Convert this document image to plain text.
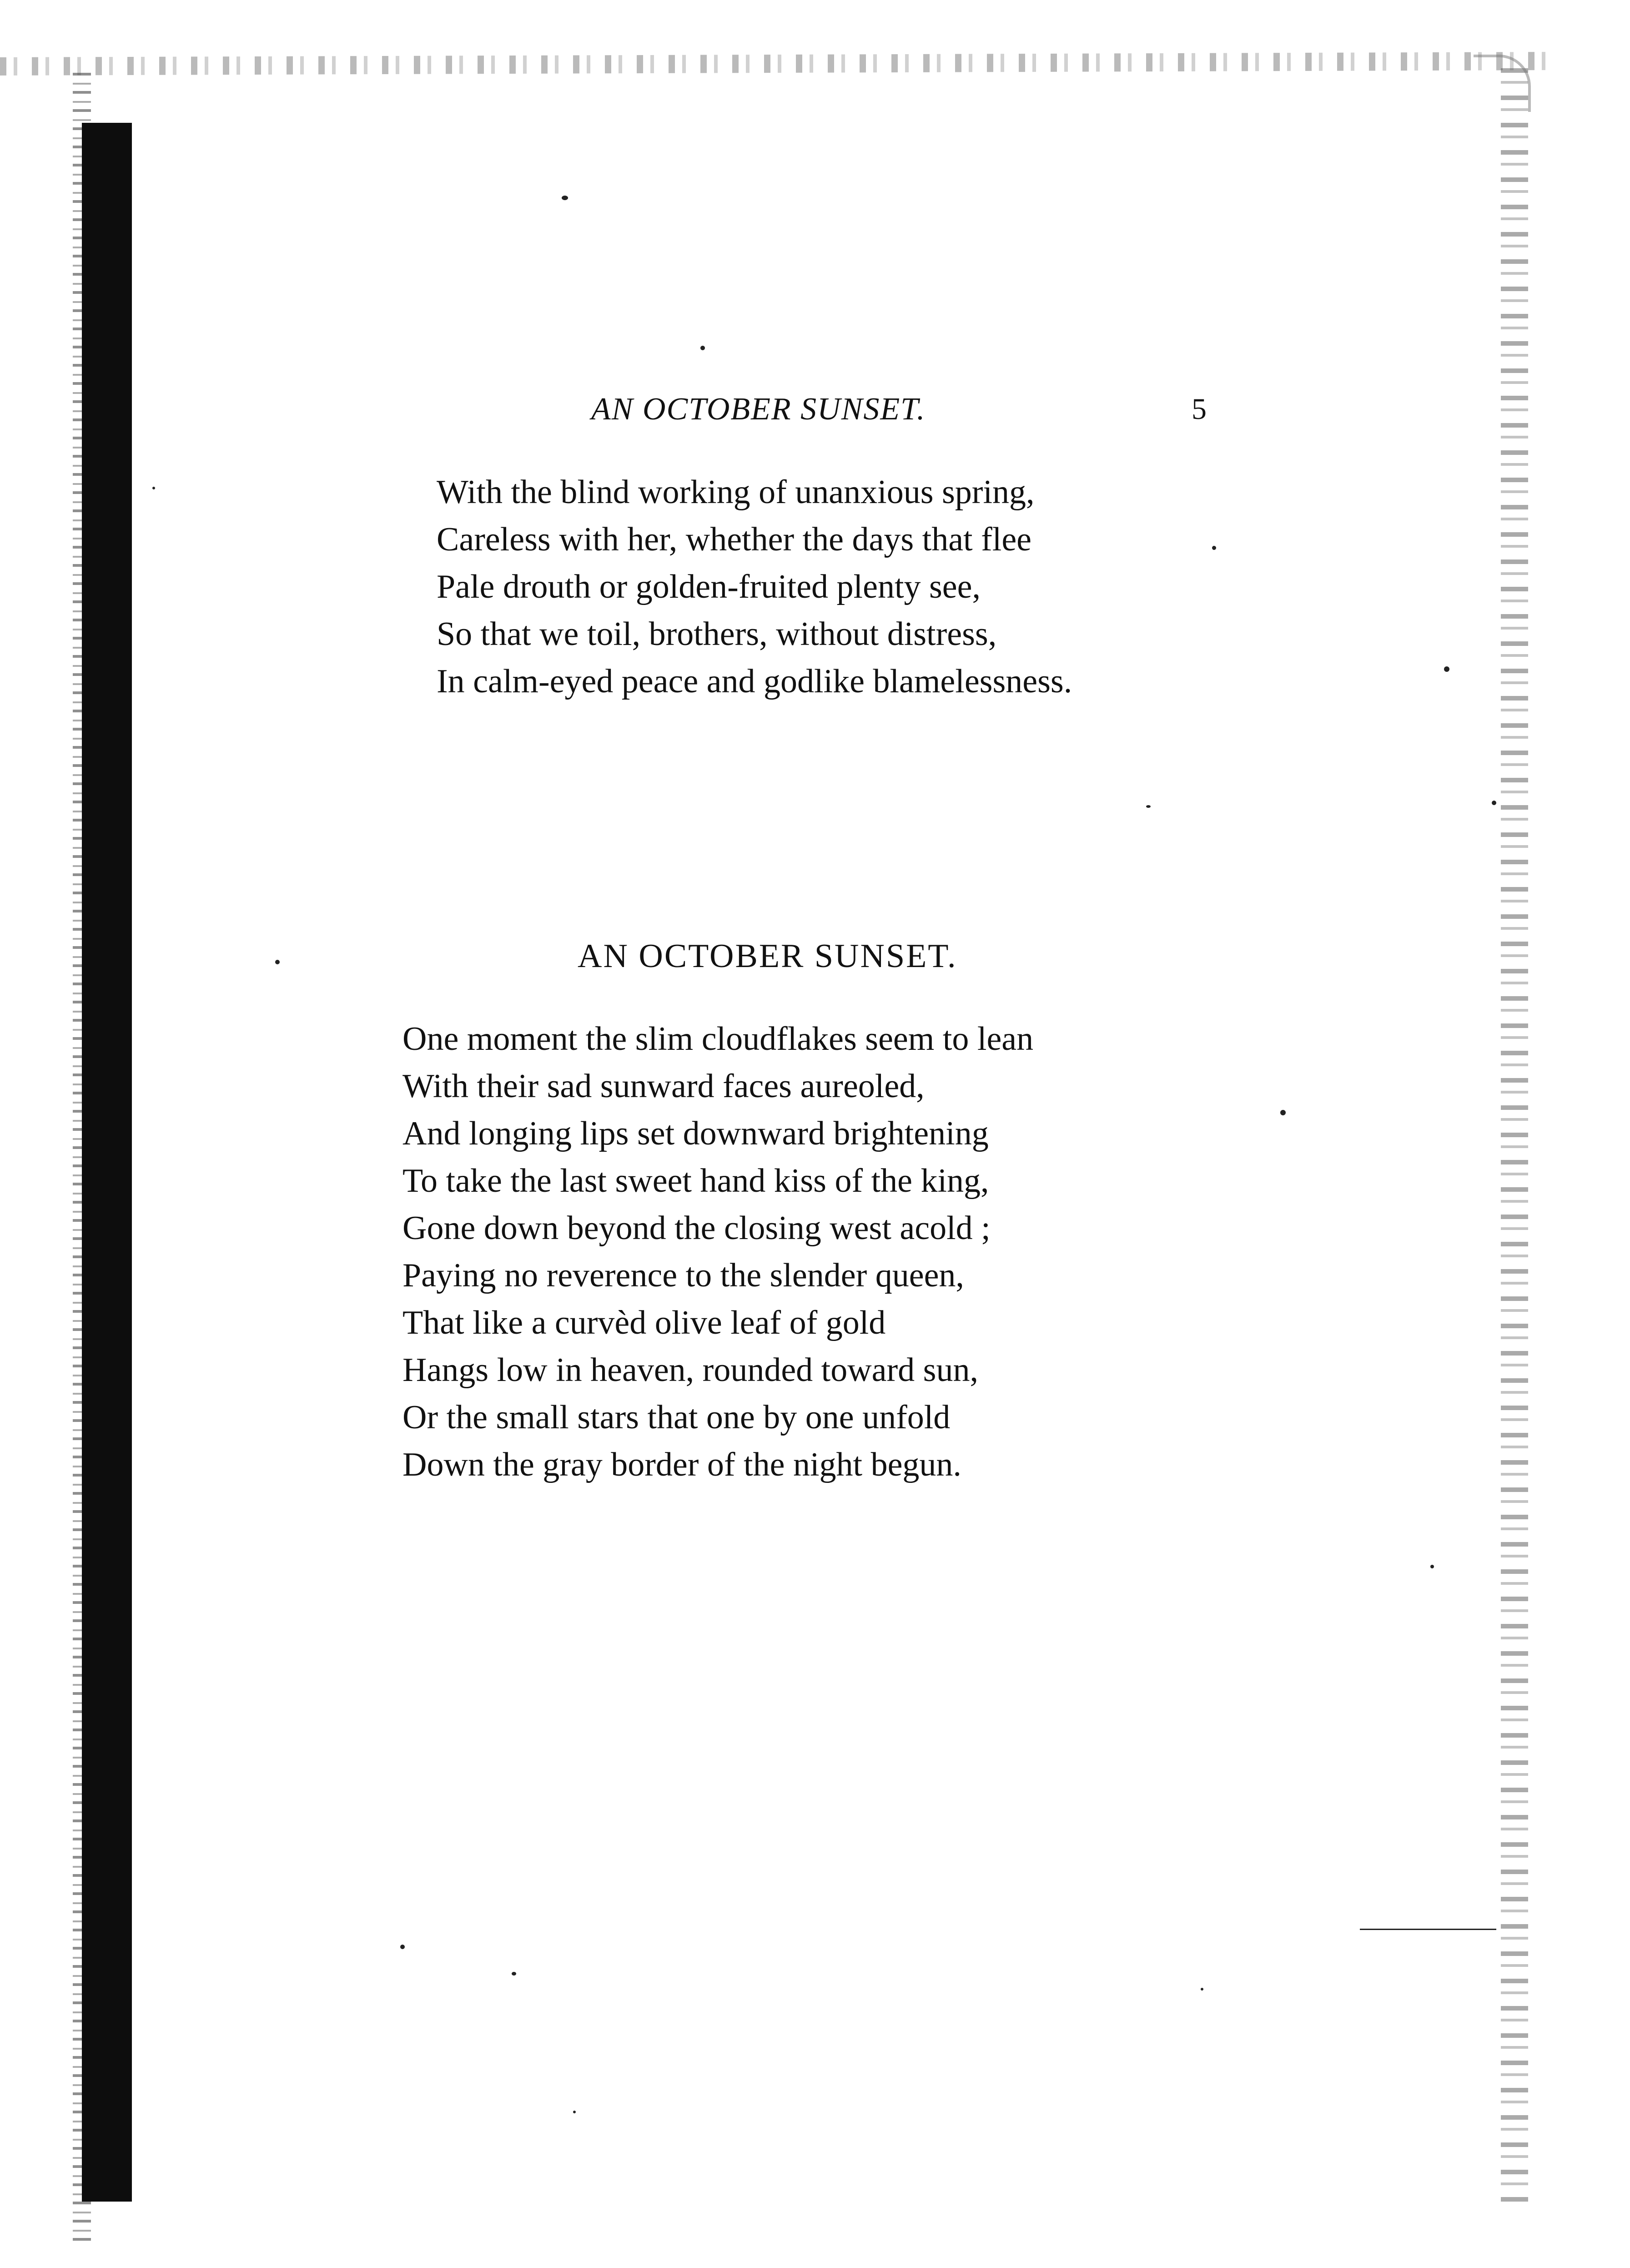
AN OCTOBER SUNSET.	5
With the blind working of unanxious spring,
Careless with her, whether the days that flee
Pale drouth or golden-fruited plenty see,
So that we toil, brothers, without distress,
In calm-eyed peace and godlike blamelessness.
AN OCTOBER SUNSET.
One moment the slim cloudflakes seem to lean
With their sad sunward faces aureoled,
And longing lips set downward brightening
To take the last sweet hand kiss of the king,
Gone down beyond the closing west acold ;
Paying no reverence to the slender queen,
That like a curvèd olive leaf of gold
Hangs low in heaven, rounded toward sun,
Or the small stars that one by one unfold
Down the gray border of the night begun.
